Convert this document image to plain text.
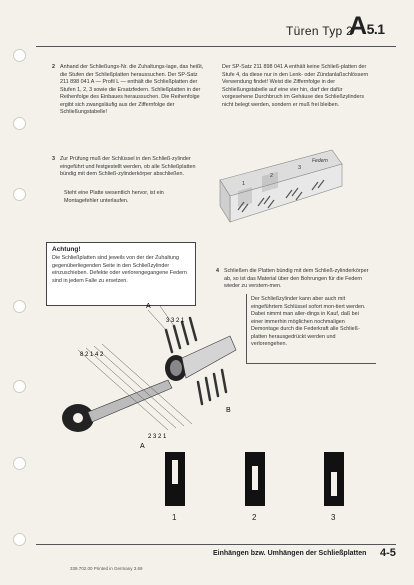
Türen Typ 2
A5.1
2 Anhand der Schließungs-Nr. die Zuhaltungs-lage, das heißt, die Stufen der Schließplatten heraussuchen. Der SP-Satz 211 898 041 A — Profil L — enthält die Schließplatten der Stufen 1, 2, 3 sowie die Ersatzfedern. Schließplatten in der Reihenfolge des Einbaues heraussuchen. Die Reihenfolge ergibt sich zwangsläufig aus der Ziffernfolge der Schließungstabelle!
Der SP-Satz 211 898 041 A enthält keine Schließ-platten der Stufe 4, da diese nur in den Lenk- oder Zündanlaßschlössern Verwendung findet! Weist die Ziffernfolge in der Schließungstabelle auf eine vier hin, darf der dafür vorgesehene Durchbruch im Gehäuse des Schließzylinders nicht belegt werden, sondern er muß frei bleiben.
3 Zur Prüfung muß der Schlüssel in den Schließ-zylinder eingeführt und festgestellt werden, ob alle Schließplatten bündig mit dem Schließ-zylinderkörper abschließen.
Steht eine Platte wesentlich hervor, ist ein Montagefehler unterlaufen.
1
2
3
Federn
Achtung!
Die Schließplatten sind jeweils von der der Zuhaltung gegenüberliegenden Seite in den Schließzylinder einzuschieben. Defekte oder verlorengegangene Federn sind in jedem Falle zu ersetzen.
4 Schließen die Platten bündig mit dem Schließ-zylinderkörper ab, so ist das Material über den Bohrungen für die Federn wieder zu verstem-men.
Der Schließzylinder kann aber auch mit eingeführtem Schlüssel sofort mon-tiert werden. Dabei nimmt man aller-dings in Kauf, daß bei einer immerhin möglichen nochmaligen Demontage durch die Federkraft alle Schließ-platten herausgedrückt werden und verlorengehen.
A
A
B
8 2 1 4 2
3 3 2 1
2 3 2 1
1	2	3
Einhängen bzw. Umhängen der Schließplatten 4-5
339.702.00 Printed in Germany 3.69
